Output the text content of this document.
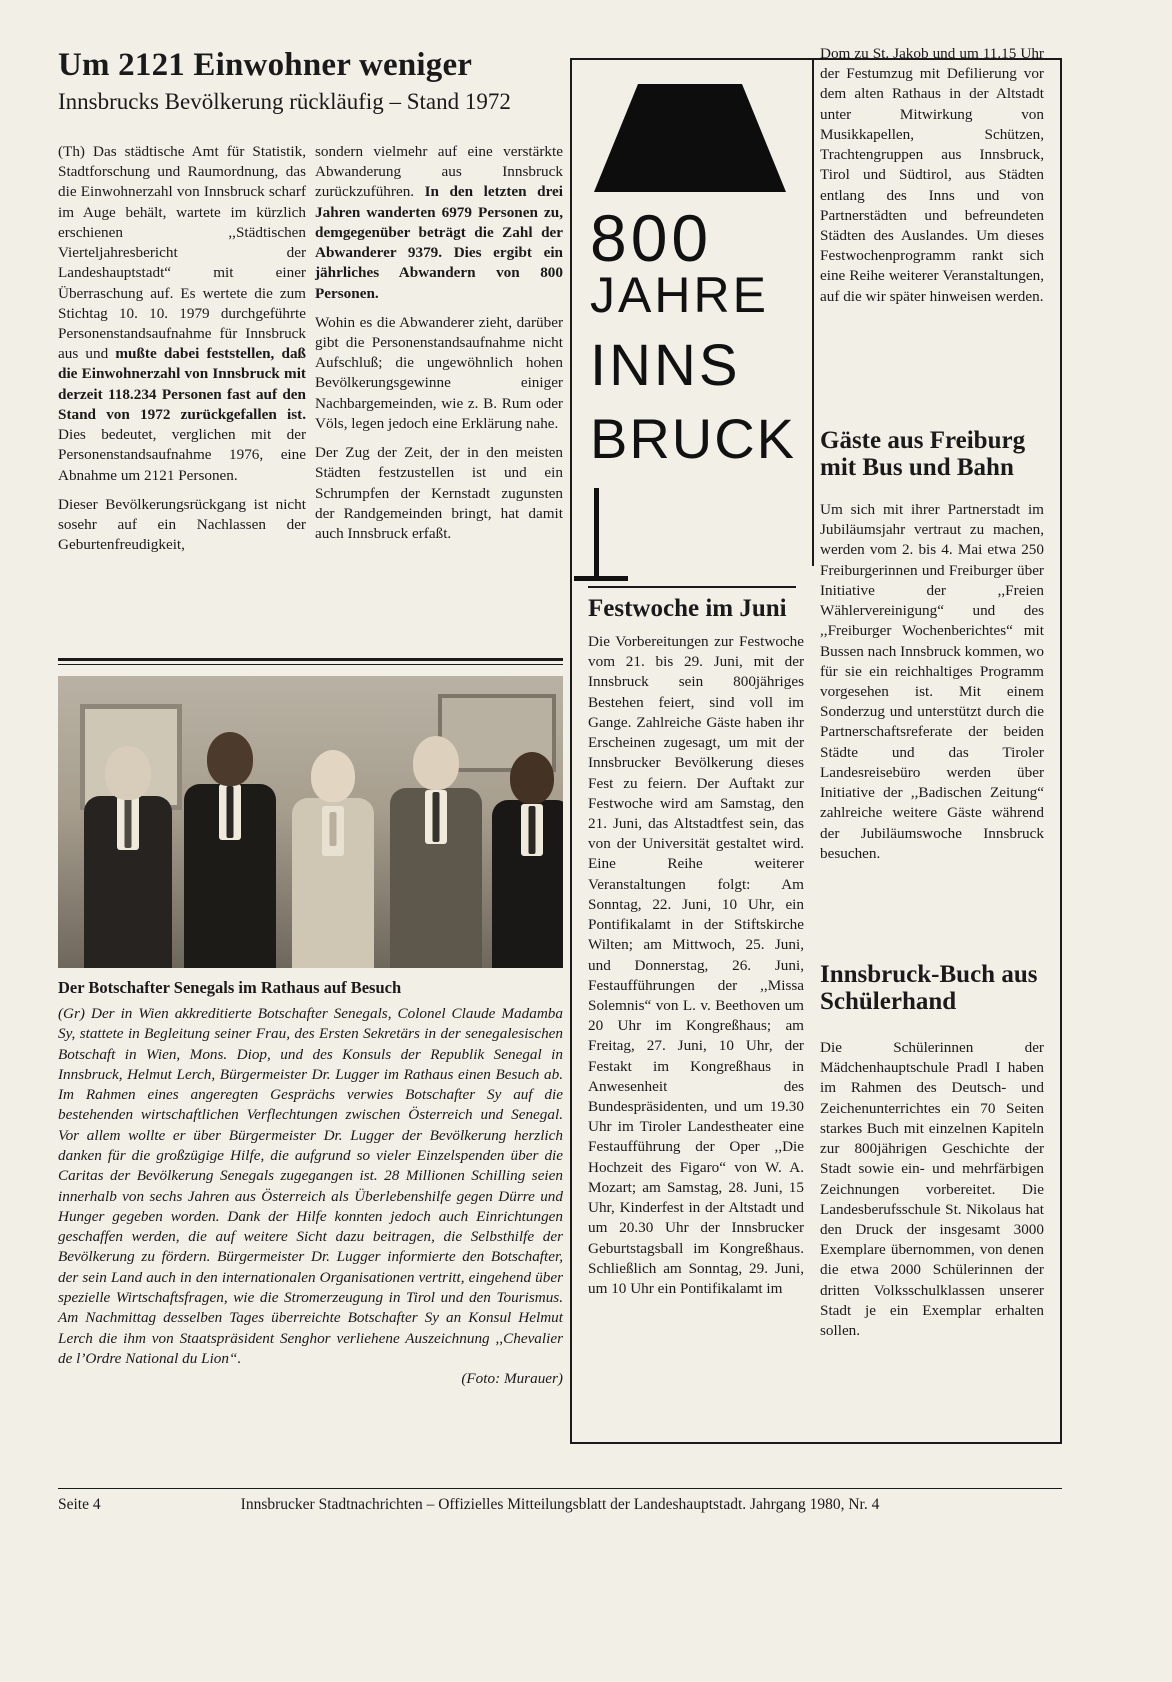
Um 2121 Einwohner weniger
Innsbrucks Bevölkerung rückläufig – Stand 1972

(Th) Das städtische Amt für Statistik, Stadtforschung und Raumordnung, das die Einwohnerzahl von Innsbruck scharf im Auge behält, wartete im kürzlich erschienen ,,Städtischen Vierteljahresbericht der Landeshauptstadt“ mit einer Überraschung auf. Es wertete die zum Stichtag 10. 10. 1979 durchgeführte Personenstandsaufnahme für Innsbruck aus und mußte dabei feststellen, daß die Einwohnerzahl von Innsbruck mit derzeit 118.234 Personen fast auf den Stand von 1972 zurückgefallen ist. Dies bedeutet, verglichen mit der Personenstandsaufnahme 1976, eine Abnahme um 2121 Personen.

Dieser Bevölkerungsrückgang ist nicht sosehr auf ein Nachlassen der Geburtenfreudigkeit,

sondern vielmehr auf eine verstärkte Abwanderung aus Innsbruck zurückzuführen. In den letzten drei Jahren wanderten 6979 Personen zu, demgegenüber beträgt die Zahl der Abwanderer 9379. Dies ergibt ein jährliches Abwandern von 800 Personen.

Wohin es die Abwanderer zieht, darüber gibt die Personenstandsaufnahme nicht Aufschluß; die ungewöhnlich hohen Bevölkerungsgewinne einiger Nachbargemeinden, wie z. B. Rum oder Völs, legen jedoch eine Erklärung nahe.

Der Zug der Zeit, der in den meisten Städten festzustellen ist und ein Schrumpfen der Kernstadt zugunsten der Randgemeinden bringt, hat damit auch Innsbruck erfaßt.

Der Botschafter Senegals im Rathaus auf Besuch
(Gr) Der in Wien akkreditierte Botschafter Senegals, Colonel Claude Madamba Sy, stattete in Begleitung seiner Frau, des Ersten Sekretärs in der senegalesischen Botschaft in Wien, Mons. Diop, und des Konsuls der Republik Senegal in Innsbruck, Helmut Lerch, Bürgermeister Dr. Lugger im Rathaus einen Besuch ab. Im Rahmen eines angeregten Gesprächs verwies Botschafter Sy auf die bestehenden wirtschaftlichen Verflechtungen zwischen Österreich und Senegal. Vor allem wollte er über Bürgermeister Dr. Lugger der Bevölkerung herzlich danken für die großzügige Hilfe, die aufgrund so vieler Einzelspenden über die Caritas der Bevölkerung Senegals zugegangen ist. 28 Millionen Schilling seien innerhalb von sechs Jahren aus Österreich als Überlebenshilfe gegen Dürre und Hunger gegeben worden. Dank der Hilfe konnten jedoch auch Einrichtungen geschaffen werden, die auf weitere Sicht dazu beitragen, die Selbsthilfe der Bevölkerung zu fördern. Bürgermeister Dr. Lugger informierte den Botschafter, der sein Land auch in den internationalen Organisationen vertritt, eingehend über spezielle Wirtschaftsfragen, wie die Stromerzeugung in Tirol und den Tourismus. Am Nachmittag desselben Tages überreichte Botschafter Sy an Konsul Helmut Lerch die ihm von Staatspräsident Senghor verliehene Auszeichnung ,,Chevalier de l’Ordre National du Lion“.
(Foto: Murauer)
800
JAHRE
INNS
BRUCK
Festwoche im Juni

Die Vorbereitungen zur Festwoche vom 21. bis 29. Juni, mit der Innsbruck sein 800jähriges Bestehen feiert, sind voll im Gange. Zahlreiche Gäste haben ihr Erscheinen zugesagt, um mit der Innsbrucker Bevölkerung dieses Fest zu feiern. Der Auftakt zur Festwoche wird am Samstag, den 21. Juni, das Altstadtfest sein, das von der Universität gestaltet wird. Eine Reihe weiterer Veranstaltungen folgt: Am Sonntag, 22. Juni, 10 Uhr, ein Pontifikalamt in der Stiftskirche Wilten; am Mittwoch, 25. Juni, und Donnerstag, 26. Juni, Festaufführungen der ,,Missa Solemnis“ von L. v. Beethoven um 20 Uhr im Kongreßhaus; am Freitag, 27. Juni, 10 Uhr, der Festakt im Kongreßhaus in Anwesenheit des Bundespräsidenten, und um 19.30 Uhr im Tiroler Landestheater eine Festaufführung der Oper ,,Die Hochzeit des Figaro“ von W. A. Mozart; am Samstag, 28. Juni, 15 Uhr, Kinderfest in der Altstadt und um 20.30 Uhr der Innsbrucker Geburtstagsball im Kongreßhaus. Schließlich am Sonntag, 29. Juni, um 10 Uhr ein Pontifikalamt im

Dom zu St. Jakob und um 11.15 Uhr der Festumzug mit Defilierung vor dem alten Rathaus in der Altstadt unter Mitwirkung von Musikkapellen, Schützen, Trachtengruppen aus Innsbruck, Tirol und Südtirol, aus Städten entlang des Inns und von Partnerstädten und befreundeten Städten des Auslandes. Um dieses Festwochenprogramm rankt sich eine Reihe weiterer Veranstaltungen, auf die wir später hinweisen werden.

Gäste aus Freiburg mit Bus und Bahn

Um sich mit ihrer Partnerstadt im Jubiläumsjahr vertraut zu machen, werden vom 2. bis 4. Mai etwa 250 Freiburgerinnen und Freiburger über Initiative der ,,Freien Wählervereinigung“ und des ,,Freiburger Wochenberichtes“ mit Bussen nach Innsbruck kommen, wo für sie ein reichhaltiges Programm vorgesehen ist. Mit einem Sonderzug und unterstützt durch die Partnerschaftsreferate der beiden Städte und das Tiroler Landesreisebüro werden über Initiative der ,,Badischen Zeitung“ zahlreiche weitere Gäste während der Jubiläumswoche Innsbruck besuchen.

Innsbruck-Buch aus Schülerhand

Die Schülerinnen der Mädchenhauptschule Pradl I haben im Rahmen des Deutsch- und Zeichenunterrichtes ein 70 Seiten starkes Buch mit einzelnen Kapiteln zur 800jährigen Geschichte der Stadt sowie ein- und mehrfärbigen Zeichnungen vorbereitet. Die Landesberufsschule St. Nikolaus hat den Druck der insgesamt 3000 Exemplare übernommen, von denen die etwa 2000 Schülerinnen der dritten Volksschulklassen unserer Stadt je ein Exemplar erhalten sollen.

Seite 4	Innsbrucker Stadtnachrichten – Offizielles Mitteilungsblatt der Landeshauptstadt. Jahrgang 1980, Nr. 4
